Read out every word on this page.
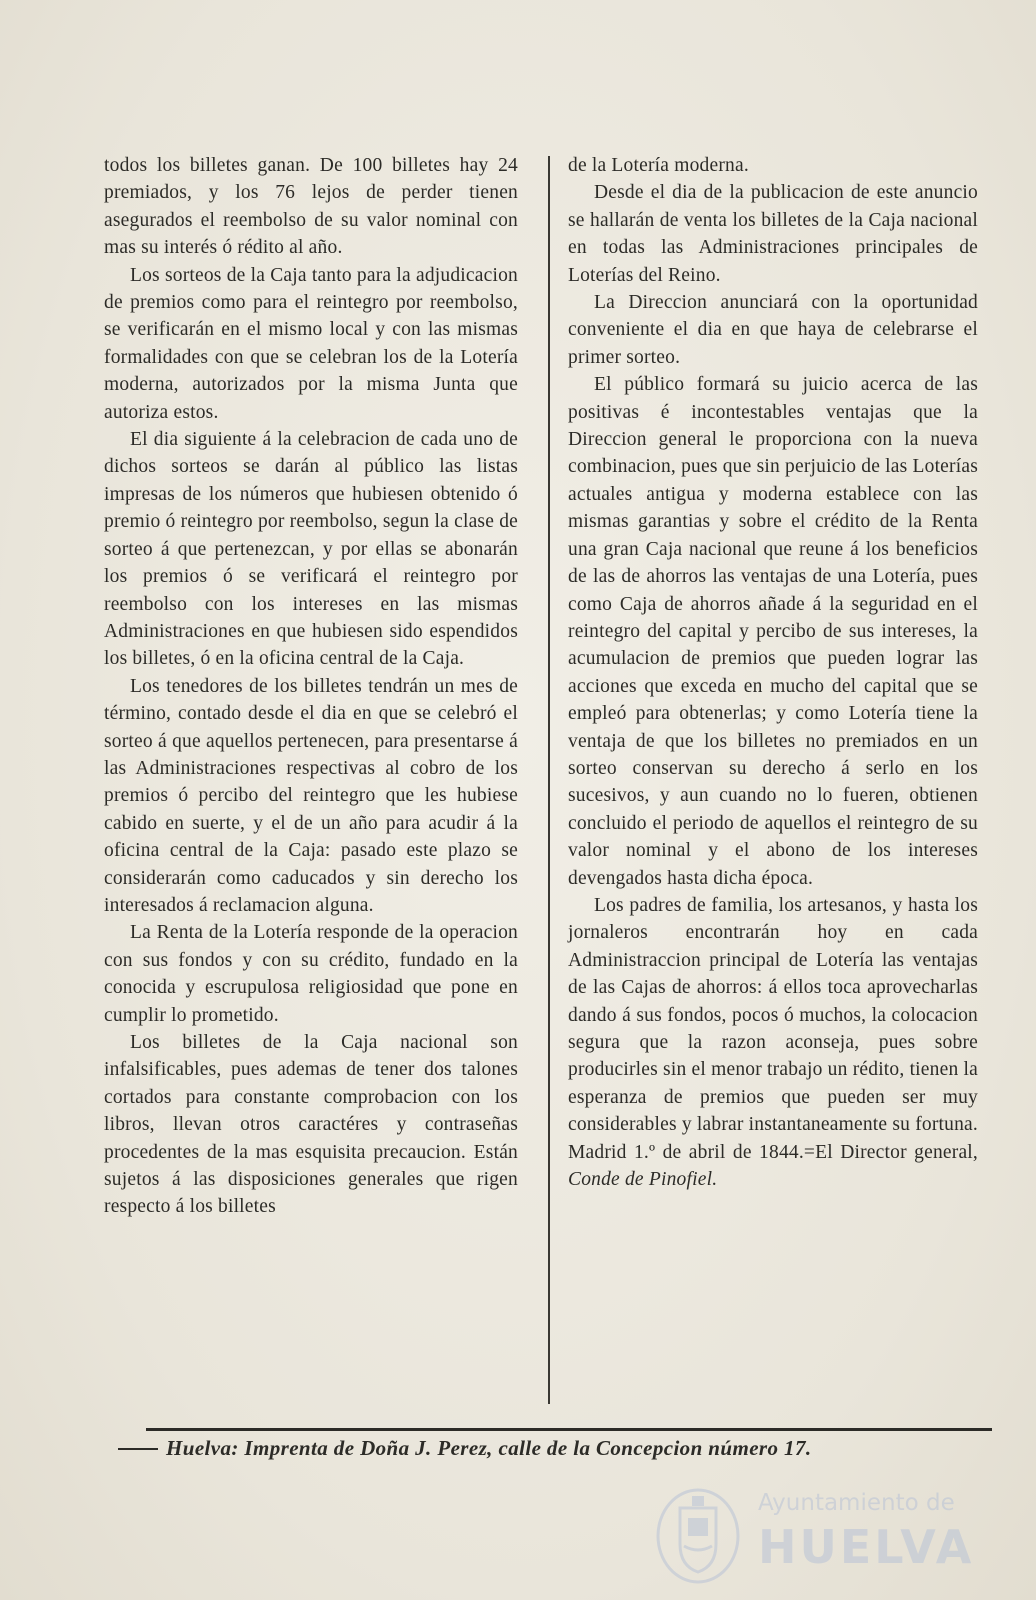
todos los billetes ganan. De 100 billetes hay 24 premiados, y los 76 lejos de perder tienen asegurados el reembolso de su valor nominal con mas su interés ó rédito al año.

Los sorteos de la Caja tanto para la adjudicacion de premios como para el reintegro por reembolso, se verificarán en el mismo local y con las mismas formalidades con que se celebran los de la Lotería moderna, autorizados por la misma Junta que autoriza estos.

El dia siguiente á la celebracion de cada uno de dichos sorteos se darán al público las listas impresas de los números que hubiesen obtenido ó premio ó reintegro por reembolso, segun la clase de sorteo á que pertenezcan, y por ellas se abonarán los premios ó se verificará el reintegro por reembolso con los intereses en las mismas Administraciones en que hubiesen sido espendidos los billetes, ó en la oficina central de la Caja.

Los tenedores de los billetes tendrán un mes de término, contado desde el dia en que se celebró el sorteo á que aquellos pertenecen, para presentarse á las Administraciones respectivas al cobro de los premios ó percibo del reintegro que les hubiese cabido en suerte, y el de un año para acudir á la oficina central de la Caja: pasado este plazo se considerarán como caducados y sin derecho los interesados á reclamacion alguna.

La Renta de la Lotería responde de la operacion con sus fondos y con su crédito, fundado en la conocida y escrupulosa religiosidad que pone en cumplir lo prometido.

Los billetes de la Caja nacional son infalsificables, pues ademas de tener dos talones cortados para constante comprobacion con los libros, llevan otros caractéres y contraseñas procedentes de la mas esquisita precaucion. Están sujetos á las disposiciones generales que rigen respecto á los billetes

de la Lotería moderna.

Desde el dia de la publicacion de este anuncio se hallarán de venta los billetes de la Caja nacional en todas las Administraciones principales de Loterías del Reino.

La Direccion anunciará con la oportunidad conveniente el dia en que haya de celebrarse el primer sorteo.

El público formará su juicio acerca de las positivas é incontestables ventajas que la Direccion general le proporciona con la nueva combinacion, pues que sin perjuicio de las Loterías actuales antigua y moderna establece con las mismas garantias y sobre el crédito de la Renta una gran Caja nacional que reune á los beneficios de las de ahorros las ventajas de una Lotería, pues como Caja de ahorros añade á la seguridad en el reintegro del capital y percibo de sus intereses, la acumulacion de premios que pueden lograr las acciones que exceda en mucho del capital que se empleó para obtenerlas; y como Lotería tiene la ventaja de que los billetes no premiados en un sorteo conservan su derecho á serlo en los sucesivos, y aun cuando no lo fueren, obtienen concluido el periodo de aquellos el reintegro de su valor nominal y el abono de los intereses devengados hasta dicha época.

Los padres de familia, los artesanos, y hasta los jornaleros encontrarán hoy en cada Administraccion principal de Lotería las ventajas de las Cajas de ahorros: á ellos toca aprovecharlas dando á sus fondos, pocos ó muchos, la colocacion segura que la razon aconseja, pues sobre producirles sin el menor trabajo un rédito, tienen la esperanza de premios que pueden ser muy considerables y labrar instantaneamente su fortuna. Madrid 1.º de abril de 1844.=El Director general, Conde de Pinofiel.

Huelva: Imprenta de Doña J. Perez, calle de la Concepcion número 17.
Ayuntamiento de
HUELVA
